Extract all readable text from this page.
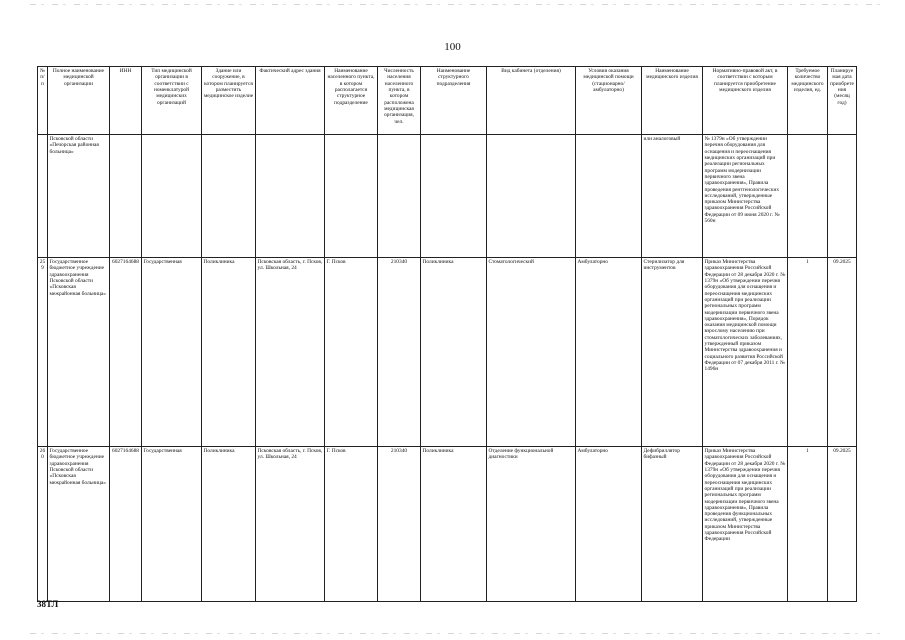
100
№ п/п	Полное наименование медицинской организации	ИНН	Тип медицинской организации в соответствии с номенклатурой медицинских организаций	Здание или сооружение, в котором планируется разместить медицинское изделие	Фактический адрес здания	Наименование населенного пункта, в котором располагается структурное подразделение	Численность населения населенного пункта, в котором расположена медицинская организация, чел.	Наименование структурного подразделения	Вид кабинета (отделения)	Условия оказания медицинской помощи (стационарно/ амбулаторно)	Наименование медицинского изделия	Нормативно-правовой акт, в соответствии с которым планируется приобретение медицинского изделия	Требуемое количество медицинского изделия, ед.	Планируемая дата приобретения (месяц год)
	Псковской области «Печорская районная больница»										или аналоговый	№ 1379н «Об утверждении перечня оборудования для оснащения и переоснащения медицинских организаций при реализации региональных программ модернизации первичного звена здравоохранения», Правила проведения рентгенологических исследований, утвержденные приказом Министерства здравоохранения Российской Федерации от 09 июня 2020 г. № 560н		
259	Государственное бюджетное учреждение здравоохранения Псковской области «Псковская межрайонная больница»	6027164688	Государственная	Поликлиника	Псковская область, г. Псков, ул. Школьная, 24	Г. Псков	210340	Поликлиника	Стоматологический	Амбулаторно	Стерилизатор для инструментов	Приказ Министерства здравоохранения Российской Федерации от 28 декабря 2020 г. № 1379н «Об утверждении перечня оборудования для оснащения и переоснащения медицинских организаций при реализации региональных программ модернизации первичного звена здравоохранения», Порядок оказания медицинской помощи взрослому населению при стоматологических заболеваниях, утвержденный приказом Министерства здравоохранения и социального развития Российской Федерации от 07 декабря 2011 г. № 1496н	1	09.2025
260	Государственное бюджетное учреждение здравоохранения Псковской области «Псковская межрайонная больница»	6027164688	Государственная	Поликлиника	Псковская область, г. Псков, ул. Школьная, 24	Г. Псков	210340	Поликлиника	Отделение функциональной диагностики	Амбулаторно	Дефибриллятор бифазный	Приказ Министерства здравоохранения Российской Федерации от 28 декабря 2020 г. № 1379н «Об утверждении перечня оборудования для оснащения и переоснащения медицинских организаций при реализации региональных программ модернизации первичного звена здравоохранения», Правила проведения функциональных исследований, утвержденные приказом Министерства здравоохранения Российской Федерации	1	09.2025
38ТЛ
